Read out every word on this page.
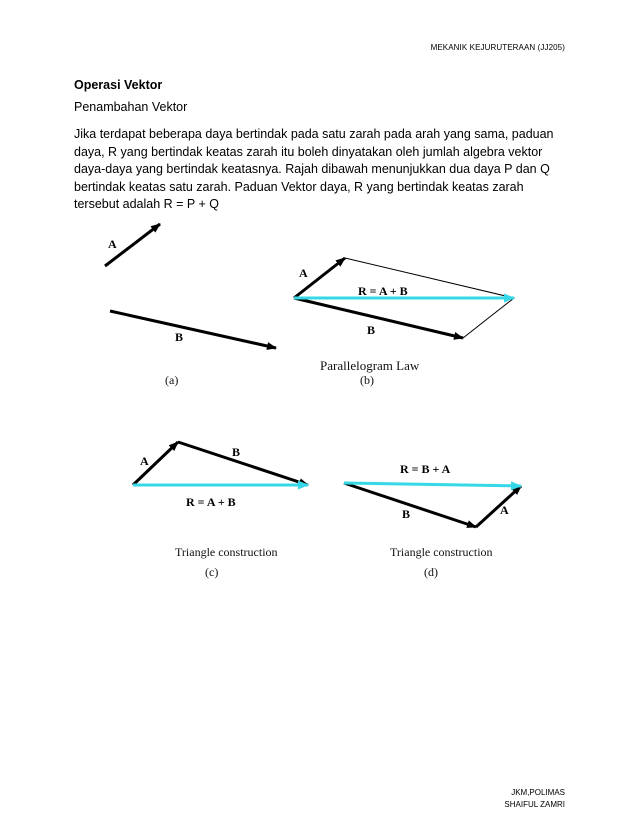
MEKANIK KEJURUTERAAN (JJ205)
Operasi Vektor
Penambahan Vektor
Jika terdapat beberapa daya bertindak pada satu zarah pada arah yang sama, paduan
daya, R yang bertindak keatas zarah itu boleh dinyatakan oleh jumlah algebra vektor
daya-daya yang bertindak keatasnya. Rajah dibawah menunjukkan dua daya P dan Q
bertindak keatas satu zarah. Paduan Vektor daya, R yang bertindak keatas zarah
tersebut adalah R = P + Q
A
B
(a)
A
R = A + B
B
Parallelogram Law
(b)
A
B
R = A + B
Triangle construction
(c)
R = B + A
B	A
Triangle construction
(d)
JKM,POLIMAS
SHAIFUL ZAMRI
